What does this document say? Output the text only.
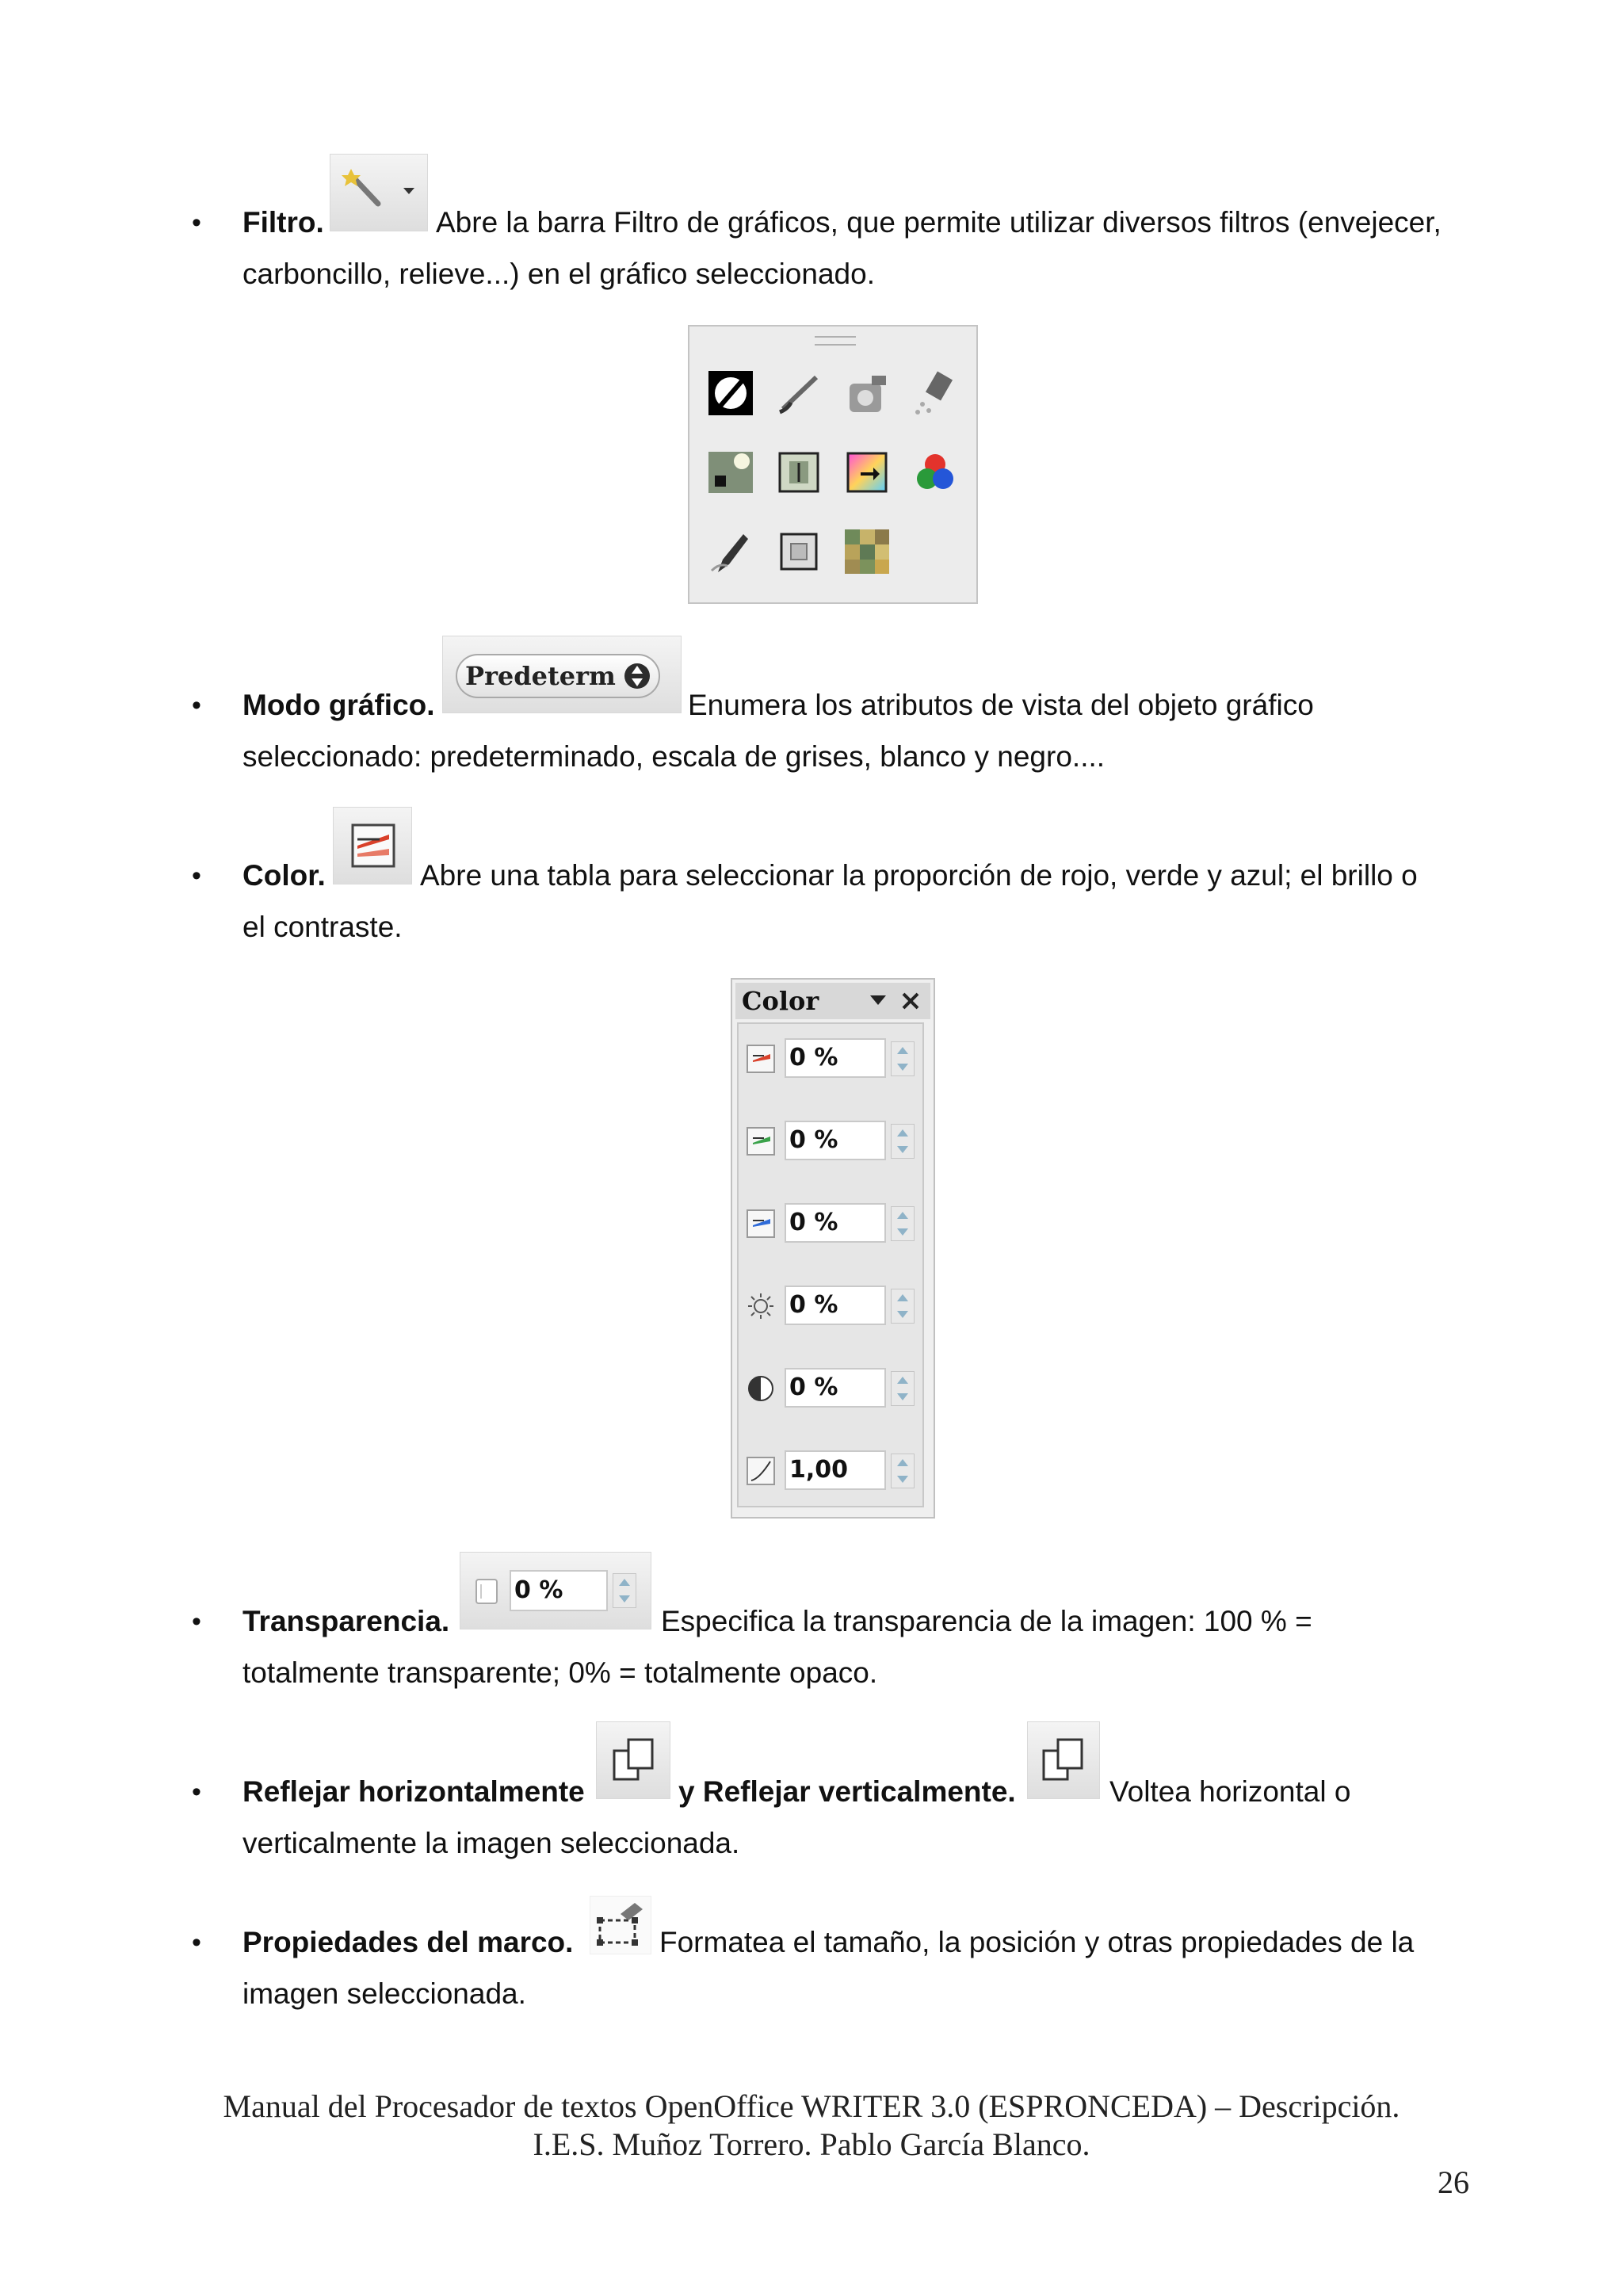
• Filtro.	Abre la barra Filtro de gráficos, que permite utilizar diversos filtros (envejecer,
carboncillo, relieve...) en el gráfico seleccionado.
• Modo gráfico.
Predeterm
Enumera los atributos de vista del objeto gráfico
seleccionado: predeterminado, escala de grises, blanco y negro....
• Color.	Abre una tabla para seleccionar la proporción de rojo, verde y azul; el brillo o
el contraste.
Color
0 %
0 %
0 %
0 %
0 %
1,00
• Transparencia.
0 %
Especifica la transparencia de la imagen: 100 % =
totalmente transparente; 0% = totalmente opaco.
• Reflejar horizontalmente	y Reflejar verticalmente.	Voltea horizontal o
verticalmente la imagen seleccionada.
• Propiedades del marco.	Formatea el tamaño, la posición y otras propiedades de la
imagen seleccionada.
Manual del Procesador de textos OpenOffice WRITER 3.0 (ESPRONCEDA) – Descripción.
I.E.S. Muñoz Torrero. Pablo García Blanco.
26
